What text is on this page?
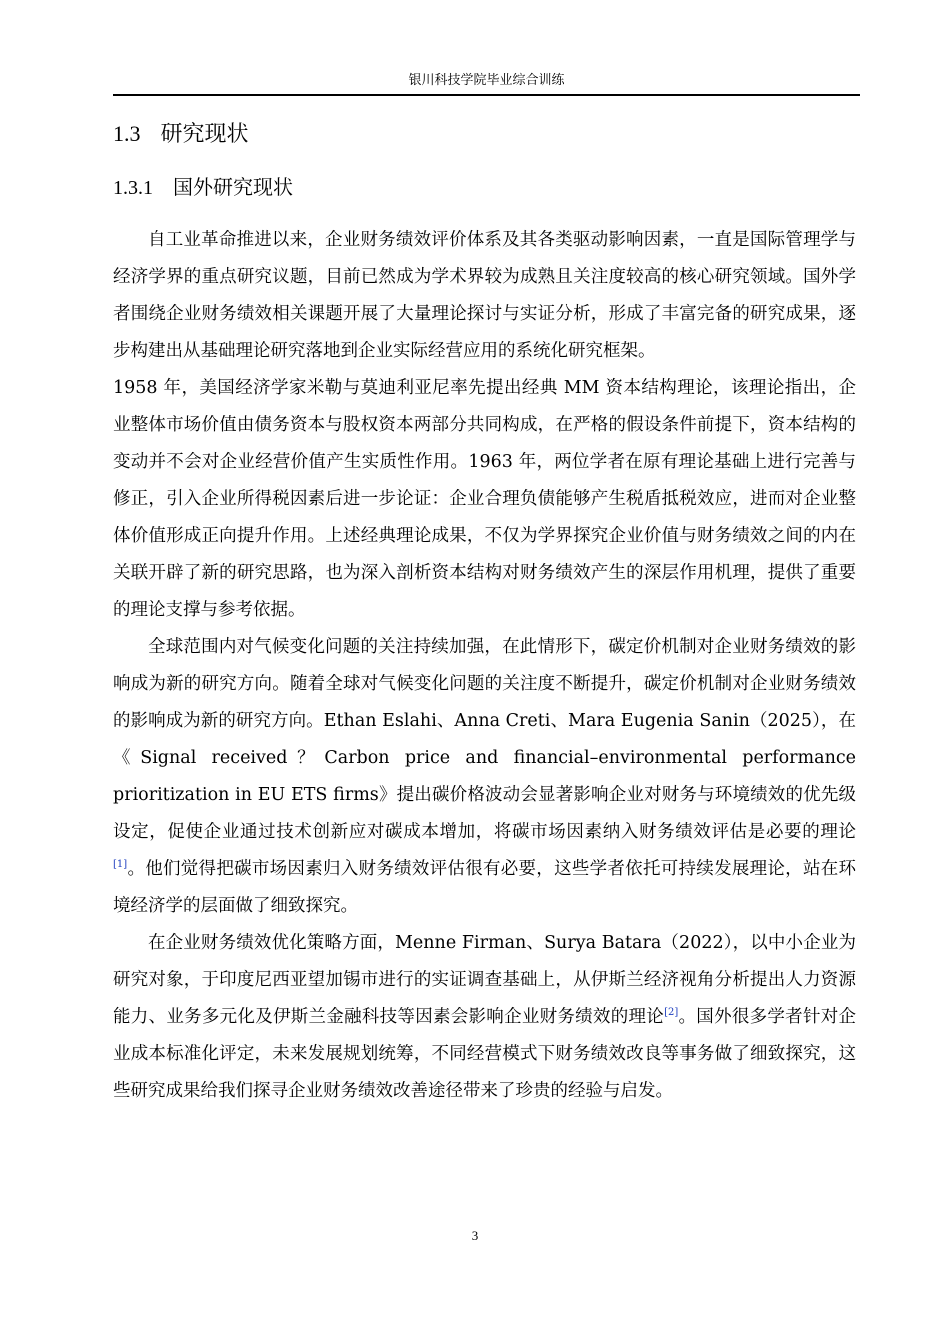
银川科技学院毕业综合训练
1.3 研究现状
1.3.1 国外研究现状

自工业革命推进以来，企业财务绩效评价体系及其各类驱动影响因素，一直是国际管理学与经济学界的重点研究议题，目前已然成为学术界较为成熟且关注度较高的核心研究领域。国外学者围绕企业财务绩效相关课题开展了大量理论探讨与实证分析，形成了丰富完备的研究成果，逐步构建出从基础理论研究落地到企业实际经营应用的系统化研究框架。

1958 年，美国经济学家米勒与莫迪利亚尼率先提出经典 MM 资本结构理论，该理论指出，企业整体市场价值由债务资本与股权资本两部分共同构成，在严格的假设条件前提下，资本结构的变动并不会对企业经营价值产生实质性作用。1963 年，两位学者在原有理论基础上进行完善与修正，引入企业所得税因素后进一步论证：企业合理负债能够产生税盾抵税效应，进而对企业整体价值形成正向提升作用。上述经典理论成果，不仅为学界探究企业价值与财务绩效之间的内在关联开辟了新的研究思路，也为深入剖析资本结构对财务绩效产生的深层作用机理，提供了重要的理论支撑与参考依据。

全球范围内对气候变化问题的关注持续加强，在此情形下，碳定价机制对企业财务绩效的影响成为新的研究方向。随着全球对气候变化问题的关注度不断提升，碳定价机制对企业财务绩效的影响成为新的研究方向。Ethan Eslahi、Anna Creti、Mara Eugenia Sanin（2025），在《Signal received？Carbon price and financial–environmental performance prioritization in EU ETS firms》提出碳价格波动会显著影响企业对财务与环境绩效的优先级设定，促使企业通过技术创新应对碳成本增加，将碳市场因素纳入财务绩效评估是必要的理论[1]。他们觉得把碳市场因素归入财务绩效评估很有必要，这些学者依托可持续发展理论，站在环境经济学的层面做了细致探究。

在企业财务绩效优化策略方面，Menne Firman、Surya Batara（2022），以中小企业为研究对象，于印度尼西亚望加锡市进行的实证调查基础上，从伊斯兰经济视角分析提出人力资源能力、业务多元化及伊斯兰金融科技等因素会影响企业财务绩效的理论[2]。国外很多学者针对企业成本标准化评定，未来发展规划统筹，不同经营模式下财务绩效改良等事务做了细致探究，这些研究成果给我们探寻企业财务绩效改善途径带来了珍贵的经验与启发。

3
